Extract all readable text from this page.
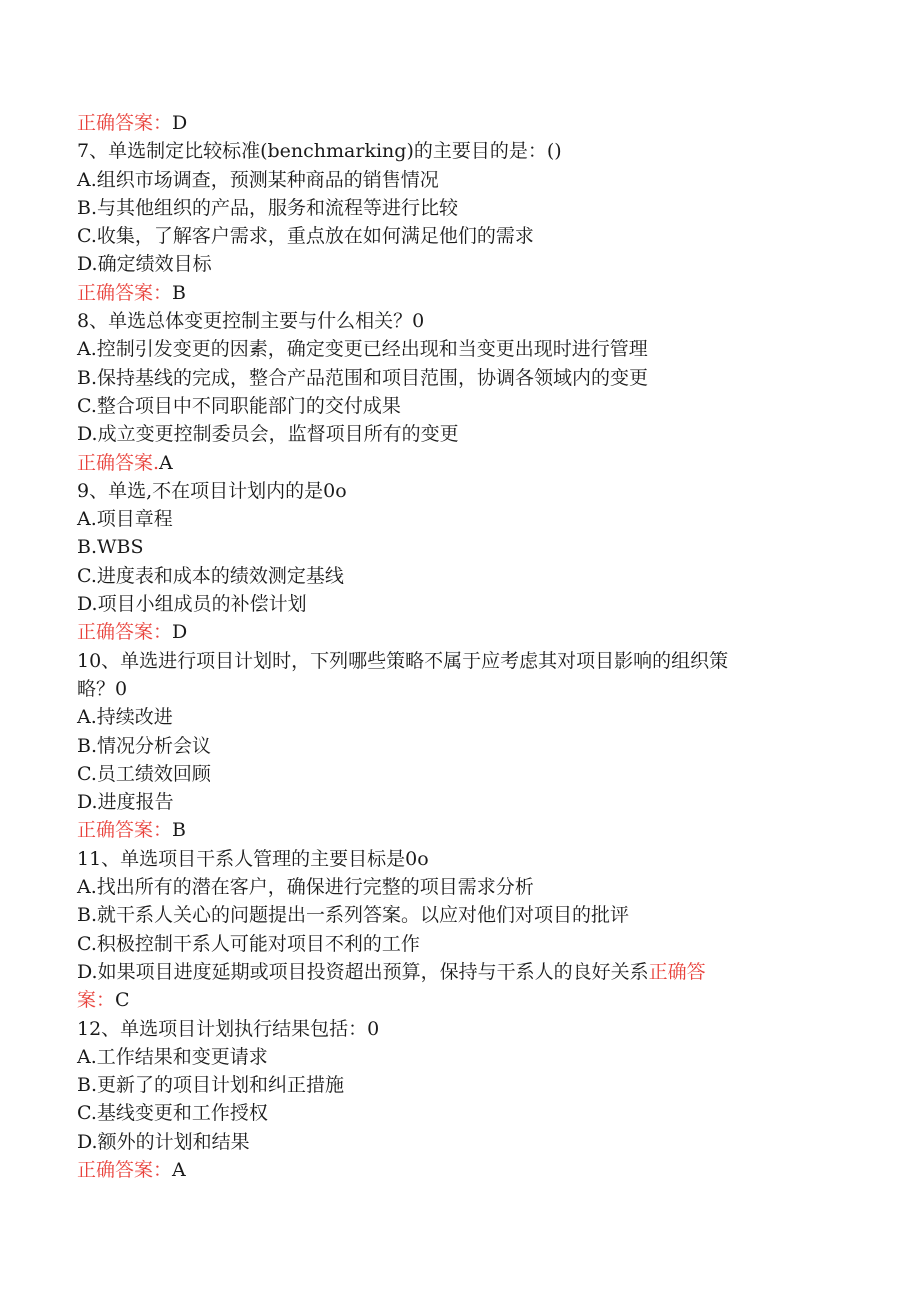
正确答案：D
7、单选制定比较标准(benchmarking)的主要目的是：()
A.组织市场调查，预测某种商品的销售情况
B.与其他组织的产品，服务和流程等进行比较
C.收集，了解客户需求，重点放在如何满足他们的需求
D.确定绩效目标
正确答案：B
8、单选总体变更控制主要与什么相关？0
A.控制引发变更的因素，确定变更已经出现和当变更出现时进行管理
B.保持基线的完成，整合产品范围和项目范围，协调各领域内的变更
C.整合项目中不同职能部门的交付成果
D.成立变更控制委员会，监督项目所有的变更
正确答案.A
9、单选,不在项目计划内的是0o
A.项目章程
B.WBS
C.进度表和成本的绩效测定基线
D.项目小组成员的补偿计划
正确答案：D
10、单选进行项目计划时，下列哪些策略不属于应考虑其对项目影响的组织策
略？0
A.持续改进
B.情况分析会议
C.员工绩效回顾
D.进度报告
正确答案：B
11、单选项目干系人管理的主要目标是0o
A.找出所有的潜在客户，确保进行完整的项目需求分析
B.就干系人关心的问题提出一系列答案。以应对他们对项目的批评
C.积极控制干系人可能对项目不利的工作
D.如果项目进度延期或项目投资超出预算，保持与干系人的良好关系正确答
案：C
12、单选项目计划执行结果包括：0
A.工作结果和变更请求
B.更新了的项目计划和纠正措施
C.基线变更和工作授权
D.额外的计划和结果
正确答案：A
